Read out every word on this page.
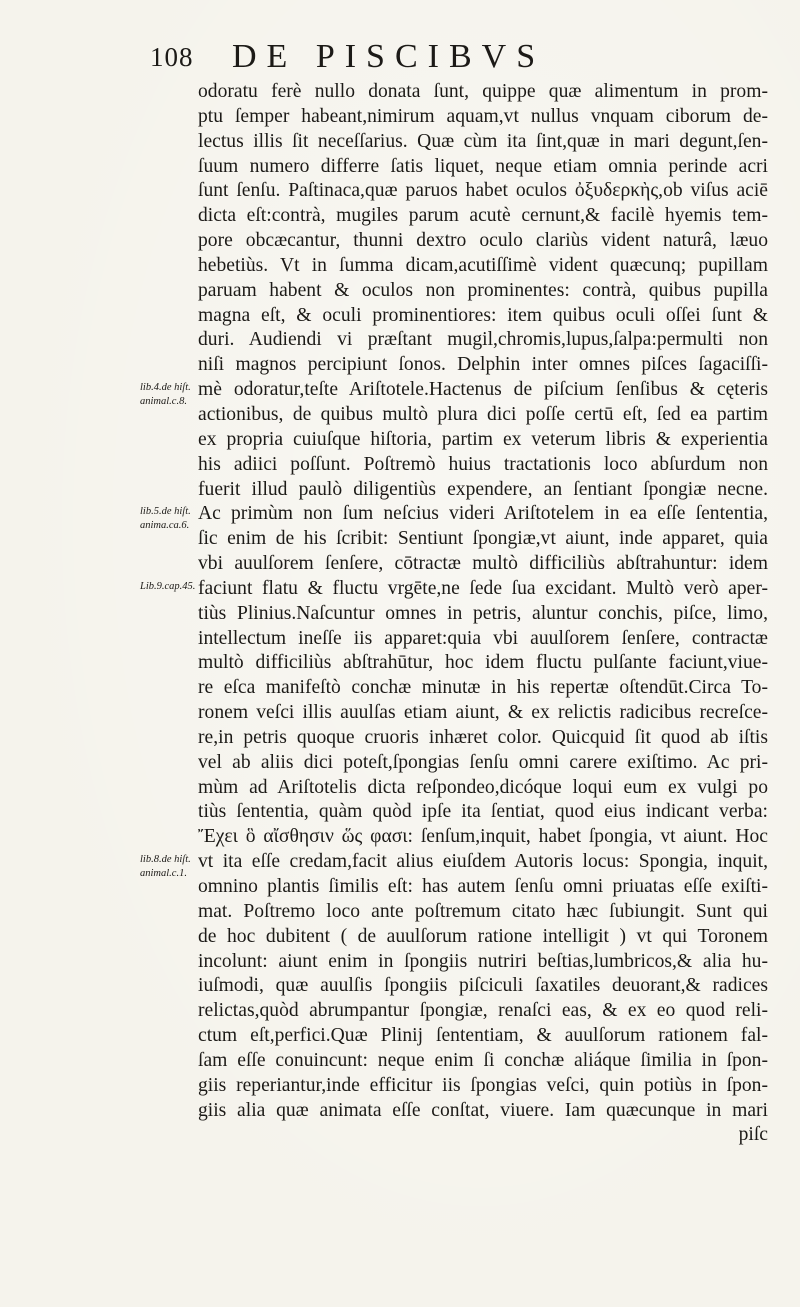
108 DE PISCIBVS
odoratu ferè nullo donata ſunt, quippe quæ alimentum in prom-
ptu ſemper habeant,nimirum aquam,vt nullus vnquam ciborum de-
lectus illis ſit neceſſarius. Quæ cùm ita ſint,quæ in mari degunt,ſen-
ſuum numero differre ſatis liquet, neque etiam omnia perinde acri
ſunt ſenſu. Paſtinaca,quæ paruos habet oculos ὀξυδερκὴς,ob viſus aciē
dicta eſt:contrà, mugiles parum acutè cernunt,& facilè hyemis tem-
pore obcæcantur, thunni dextro oculo clariùs vident naturâ, læuo
hebetiùs. Vt in ſumma dicam,acutiſſimè vident quæcunq; pupillam
paruam habent & oculos non prominentes: contrà, quibus pupilla
magna eſt, & oculi prominentiores: item quibus oculi oſſei ſunt &
duri. Audiendi vi præſtant mugil,chromis,lupus,ſalpa:permulti non
niſi magnos percipiunt ſonos. Delphin inter omnes piſces ſagaciſſi-
mè odoratur,teſte Ariſtotele.Hactenus de piſcium ſenſibus & cęteris
actionibus, de quibus multò plura dici poſſe certū eſt, ſed ea partim
ex propria cuiuſque hiſtoria, partim ex veterum libris & experientia
his adiici poſſunt. Poſtremò huius tractationis loco abſurdum non
fuerit illud paulò diligentiùs expendere, an ſentiant ſpongiæ necne.
Ac primùm non ſum neſcius videri Ariſtotelem in ea eſſe ſententia,
ſic enim de his ſcribit: Sentiunt ſpongiæ,vt aiunt, inde apparet, quia
vbi auulſorem ſenſere, cōtractæ multò difficiliùs abſtrahuntur: idem
faciunt flatu & fluctu vrgēte,ne ſede ſua excidant. Multò verò aper-
tiùs Plinius.Naſcuntur omnes in petris, aluntur conchis, piſce, limo,
intellectum ineſſe iis apparet:quia vbi auulſorem ſenſere, contractæ
multò difficiliùs abſtrahūtur, hoc idem fluctu pulſante faciunt,viue-
re eſca manifeſtò conchæ minutæ in his repertæ oſtendūt.Circa To-
ronem veſci illis auulſas etiam aiunt, & ex relictis radicibus recreſce-
re,in petris quoque cruoris inhæret color. Quicquid ſit quod ab iſtis
vel ab aliis dici poteſt,ſpongias ſenſu omni carere exiſtimo. Ac pri-
mùm ad Ariſtotelis dicta reſpondeo,dicóque loqui eum ex vulgi po
tiùs ſententia, quàm quòd ipſe ita ſentiat, quod eius indicant verba:
Ἔχει ὃ αἴσθησιν ὥς φασι: ſenſum,inquit, habet ſpongia, vt aiunt. Hoc
vt ita eſſe credam,facit alius eiuſdem Autoris locus: Spongia, inquit,
omnino plantis ſimilis eſt: has autem ſenſu omni priuatas eſſe exiſti-
mat. Poſtremo loco ante poſtremum citato hæc ſubiungit. Sunt qui
de hoc dubitent ( de auulſorum ratione intelligit ) vt qui Toronem
incolunt: aiunt enim in ſpongiis nutriri beſtias,lumbricos,& alia hu-
iuſmodi, quæ auulſis ſpongiis piſciculi ſaxatiles deuorant,& radices
relictas,quòd abrumpantur ſpongiæ, renaſci eas, & ex eo quod reli-
ctum eſt,perfici.Quæ Plinij ſententiam, & auulſorum rationem fal-
ſam eſſe conuincunt: neque enim ſi conchæ aliáque ſimilia in ſpon-
giis reperiantur,inde efficitur iis ſpongias veſci, quin potiùs in ſpon-
giis alia quæ animata eſſe conſtat, viuere. Iam quæcunque in mari
piſc
lib.4.de hiſt.
animal.c.8.
lib.5.de hiſt.
anima.ca.6.
Lib.9.cap.45.
lib.8.de hiſt.
animal.c.1.
